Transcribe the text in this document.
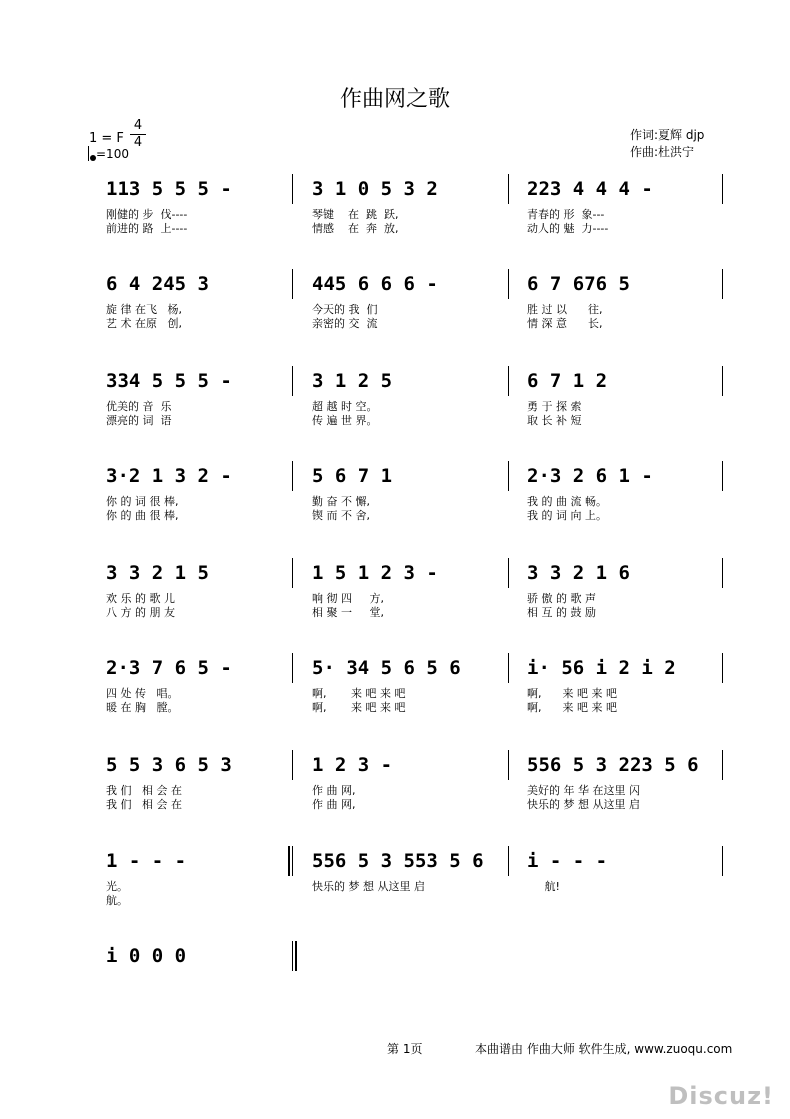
作曲网之歌
1 = F
4
4
=100
作词:夏辉 djp
作曲:杜洪宁
113 5 5 5 -
刚健的 步  伐----
前进的 路  上----
3 1 0 5 3 2
琴键    在  跳  跃,
情感    在  奔  放,
223 4 4 4 -
青春的 形  象---
动人的 魅  力----
6 4 245 3
旋 律 在飞   杨,
艺 术 在原   创,
445 6 6 6 -
今天的 我  们
亲密的 交  流
6 7 676 5
胜 过 以      往,
情 深 意      长,
334 5 5 5 -
优美的 音  乐
漂亮的 词  语
3 1 2 5
超 越 时 空。
传 遍 世 界。
6 7 1 2
勇 于 探 索
取 长 补 短
3·2 1 3 2 -
你 的 词 很 棒,
你 的 曲 很 棒,
5 6 7 1
勤 奋 不 懈,
锲 而 不 舍,
2·3 2 6 1 -
我 的 曲 流 畅。
我 的 词 向 上。
3 3 2 1 5
欢 乐 的 歌 儿
八 方 的 朋 友
1 5 1 2 3 -
响 彻 四     方,
相 聚 一     堂,
3 3 2 1 6
骄 傲 的 歌 声
相 互 的 鼓 励
2·3 7 6 5 -
四 处 传   唱。
暖 在 胸   膛。
5· 34 5 6 5 6
啊,       来 吧 来 吧
啊,       来 吧 来 吧
i· 56 i 2 i 2
啊,      来 吧 来 吧
啊,      来 吧 来 吧
5 5 3 6 5 3
我 们   相 会 在
我 们   相 会 在
1 2 3 -
作 曲 网,
作 曲 网,
556 5 3 223 5 6
美好的 年 华 在这里 闪
快乐的 梦 想 从这里 启
1 - - -
光。
航。
556 5 3 553 5 6
快乐的 梦 想 从这里 启
i - - -
航!
i 0 0 0
第 1页	本曲谱由 作曲大师 软件生成, www.zuoqu.com
Discuz!
